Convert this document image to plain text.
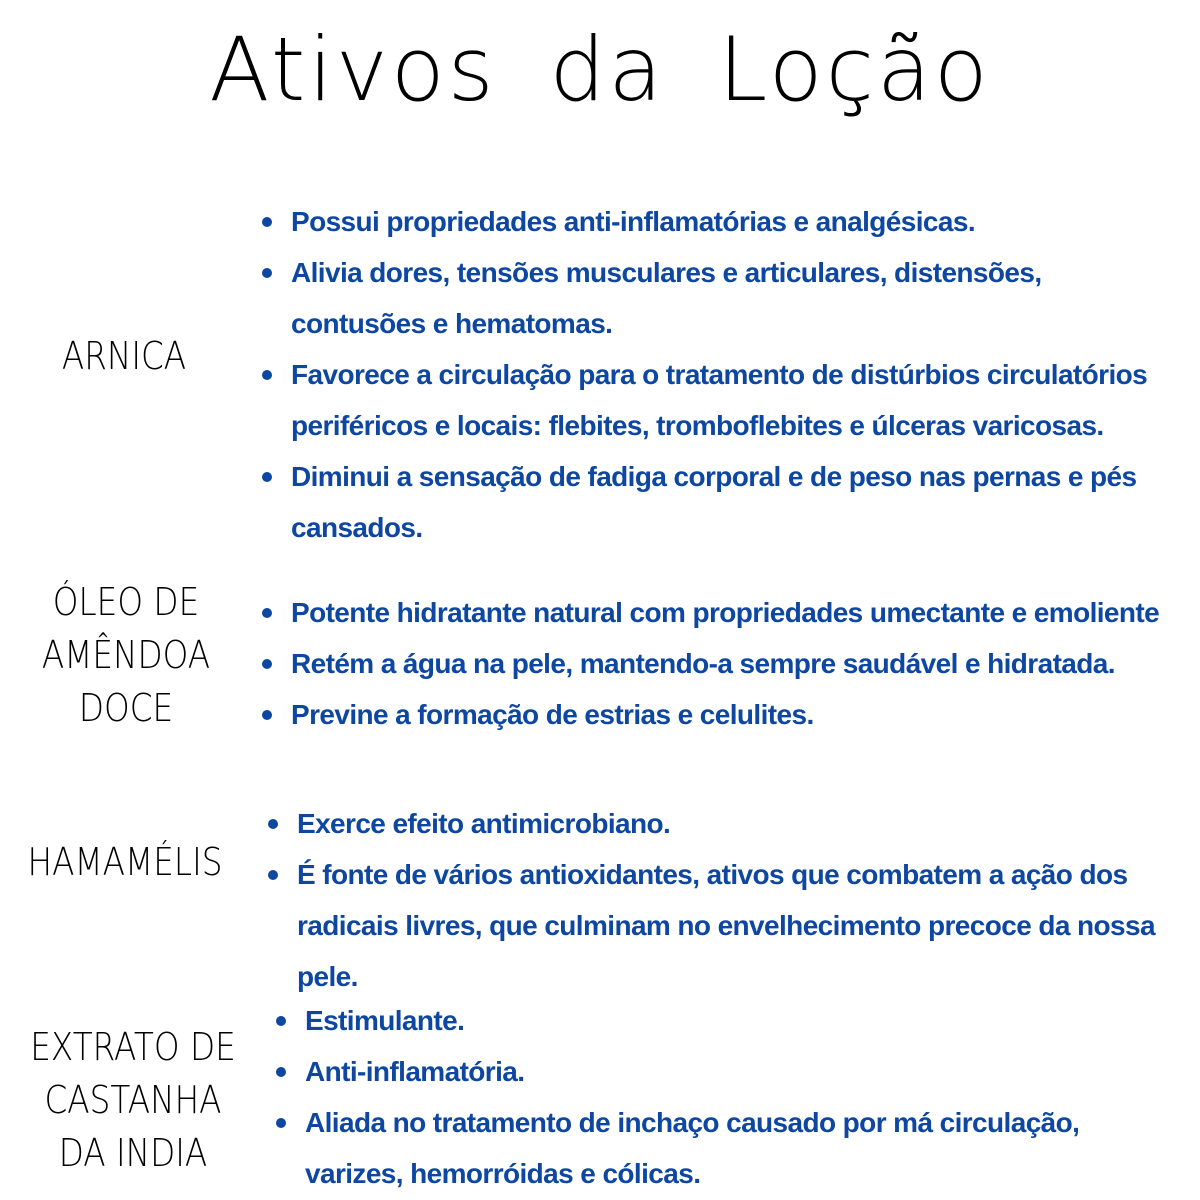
Ativos da Loção
ARNICA
Possui propriedades anti-inflamatórias e analgésicas.
Alivia dores, tensões musculares e articulares, distensões, contusões e hematomas.
Favorece a circulação para o tratamento de distúrbios circulatórios periféricos e locais: flebites, tromboflebites e úlceras varicosas.
Diminui a sensação de fadiga corporal e de peso nas pernas e pés cansados.
ÓLEO DE
AMÊNDOA
DOCE
Potente hidratante natural com propriedades umectante e emoliente
Retém a água na pele, mantendo-a sempre saudável e hidratada.
Previne a formação de estrias e celulites.
HAMAMÉLIS
Exerce efeito antimicrobiano.
É fonte de vários antioxidantes, ativos que combatem a ação dos radicais livres, que culminam no envelhecimento precoce da nossa pele.
EXTRATO DE
CASTANHA
DA INDIA
Estimulante.
Anti-inflamatória.
Aliada no tratamento de inchaço causado por má circulação, varizes, hemorróidas e cólicas.
